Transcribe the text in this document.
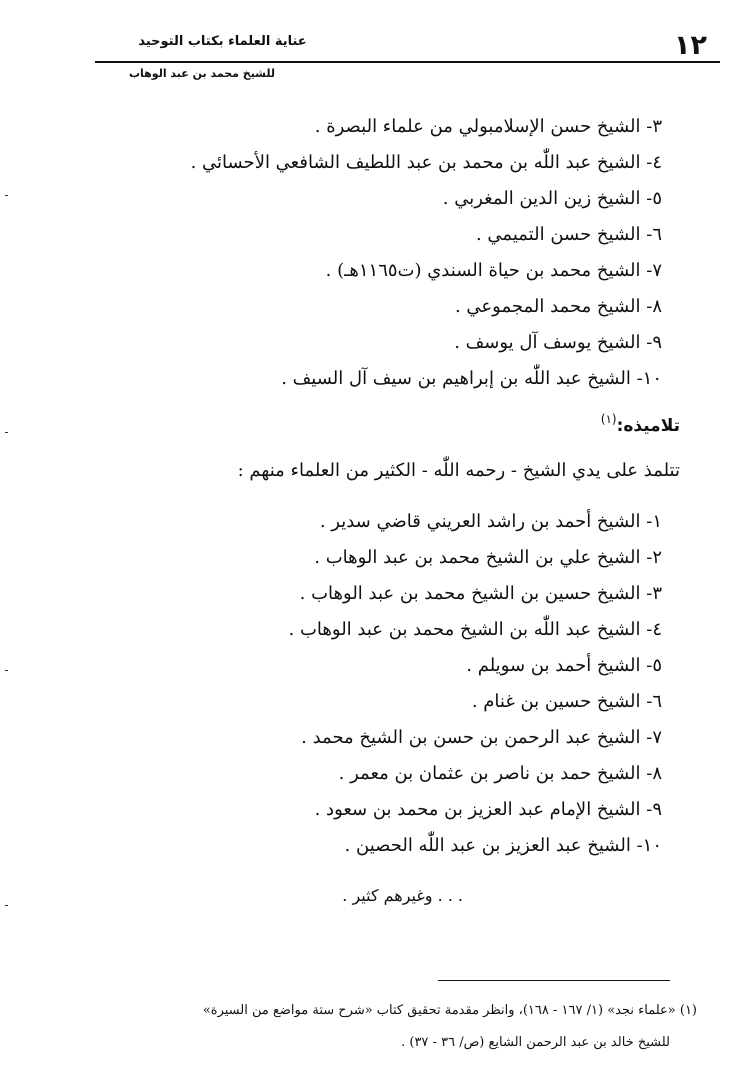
١٢
عناية العلماء بكتاب التوحيد
للشيخ محمد بن عبد الوهاب
٣- الشيخ حسن الإسلامبولي من علماء البصرة .
٤- الشيخ عبد اللّٰه بن محمد بن عبد اللطيف الشافعي الأحسائي .
٥- الشيخ زين الدين المغربي .
٦- الشيخ حسن التميمي .
٧- الشيخ محمد بن حياة السندي (ت١١٦٥هـ) .
٨- الشيخ محمد المجموعي .
٩- الشيخ يوسف آل يوسف .
١٠- الشيخ عبد اللّٰه بن إبراهيم بن سيف آل السيف .
تلاميذه:$^{(١)}$
تتلمذ على يدي الشيخ - رحمه اللّٰه - الكثير من العلماء منهم :
١- الشيخ أحمد بن راشد العريني قاضي سدير .
٢- الشيخ علي بن الشيخ محمد بن عبد الوهاب .
٣- الشيخ حسين بن الشيخ محمد بن عبد الوهاب .
٤- الشيخ عبد اللّٰه بن الشيخ محمد بن عبد الوهاب .
٥- الشيخ أحمد بن سويلم .
٦- الشيخ حسين بن غنام .
٧- الشيخ عبد الرحمن بن حسن بن الشيخ محمد .
٨- الشيخ حمد بن ناصر بن عثمان بن معمر .
٩- الشيخ الإمام عبد العزيز بن محمد بن سعود .
١٠- الشيخ عبد العزيز بن عبد اللّٰه الحصين .
. . . وغيرهم كثير .
(١) «علماء نجد» (١/ ١٦٧ - ١٦٨)، وانظر مقدمة تحقيق كتاب «شرح ستة مواضع من السيرة»
للشيخ خالد بن عبد الرحمن الشايع (ص/ ٣٦ - ٣٧) .
